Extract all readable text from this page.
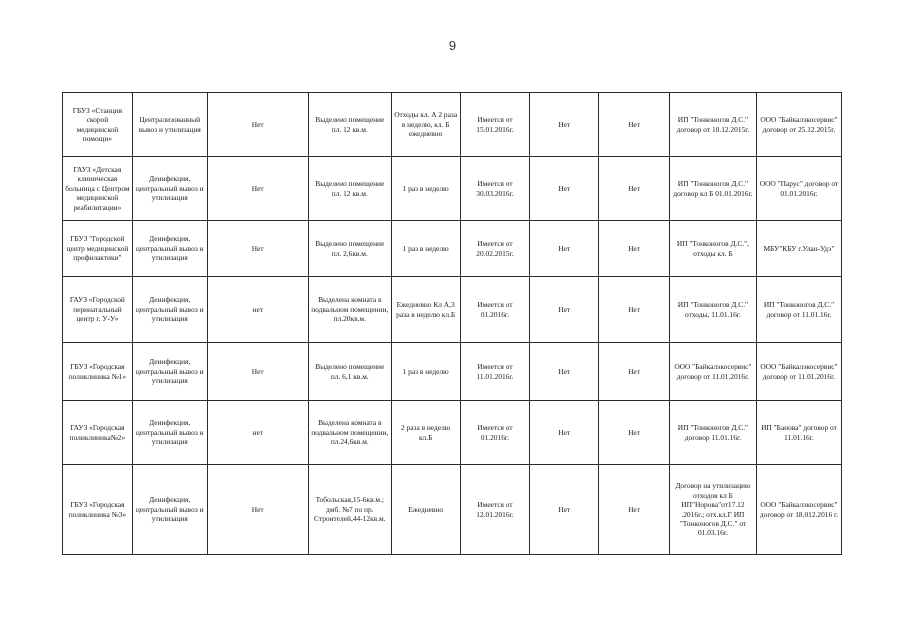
9
ГБУЗ «Станция скорой медицинской помощи»	Централизованный вывоз и утилизация	Нет	Выделено помещение пл. 12 кв.м.	Отходы кл. А 2 раза в неделю, кл. Б ежедневно	Имеется от 15.01.2016г.	Нет	Нет	ИП "Тонконогов Д.С." договор от 10.12.2015г.	ООО "Байкалэкосервис" договор от 25.12.2015г.
ГАУЗ «Детская клиническая больница с Центром медицинской реабилитации»	Деинфекция, центральный вывоз и утилизация	Нет	Выделено помещение пл. 12 кв.м.	1 раз в неделю	Имеется от 30.03.2016г.	Нет	Нет	ИП "Тонконогов Д.С." договор кл Б 01.01.2016г.	ООО "Парус" договор от 01.01.2016г.
ГБУЗ "Городской центр медицинской профилактики"	Деинфекция, центральный вывоз и утилизация	Нет	Выделено помещение пл. 2,6кв.м.	1 раз в неделю	Имеется от 20.02.2015г.	Нет	Нет	ИП "Тонконогов Д.С.", отходы кл. Б	МБУ"КБУ г.Улан-Удэ"
ГАУЗ «Городской перинатальный центр г. У-У»	Деинфекция, центральный вывоз и утилизация	нет	Выделена комната в подвальном помещении, пл.20кв.м.	Ежедневно Кл А,3 раза в неделю кл.Б	Имеется от 01.2016г.	Нет	Нет	ИП "Тонконогов Д.С." отходы, 11.01.16г.	ИП "Тонконогов Д.С." договор от 11.01.16г.
ГБУЗ «Городская поликлиника №1»	Деинфекция, центральный вывоз и утилизация	Нет	Выделено помещение пл. 6,1 кв.м.	1 раз в неделю	Имеется от 11.01.2016г.	Нет	Нет	ООО "Байкалэкосервис" договор от 11.01.2016г.	ООО "Байкалэкосервис" договор от 11.01.2016г.
ГАУЗ «Городская поликлиника№2»	Деинфекция, центральный вывоз и утилизация	нет	Выделена комната в подвальном помещении, пл.24,6кв.м.	2 раза в неделю кл.Б	Имеется от 01.2016г.	Нет	Нет	ИП "Тонконогов Д.С." договор 11.01.16г.	ИП "Банова" договор от 11.01.16г.
ГБУЗ «Городская поликлиника №3»	Деинфекция, центральный вывоз и утилизация	Нет	Тобольская,15-6кв.м.; дмб. №7 по пр. Строителей,44-12кв.м.	Ежедневно	Имеется от 12.01.2016г.	Нет	Нет	Договор на утилизацию отходов кл Б ИП"Норова"от17.12 .2016г.; отх.кл.Г ИП "Тонконогов Д.С." от 01.03.16г.	ООО "Байкалэкосервис" договор от 18.012.2016 г.
